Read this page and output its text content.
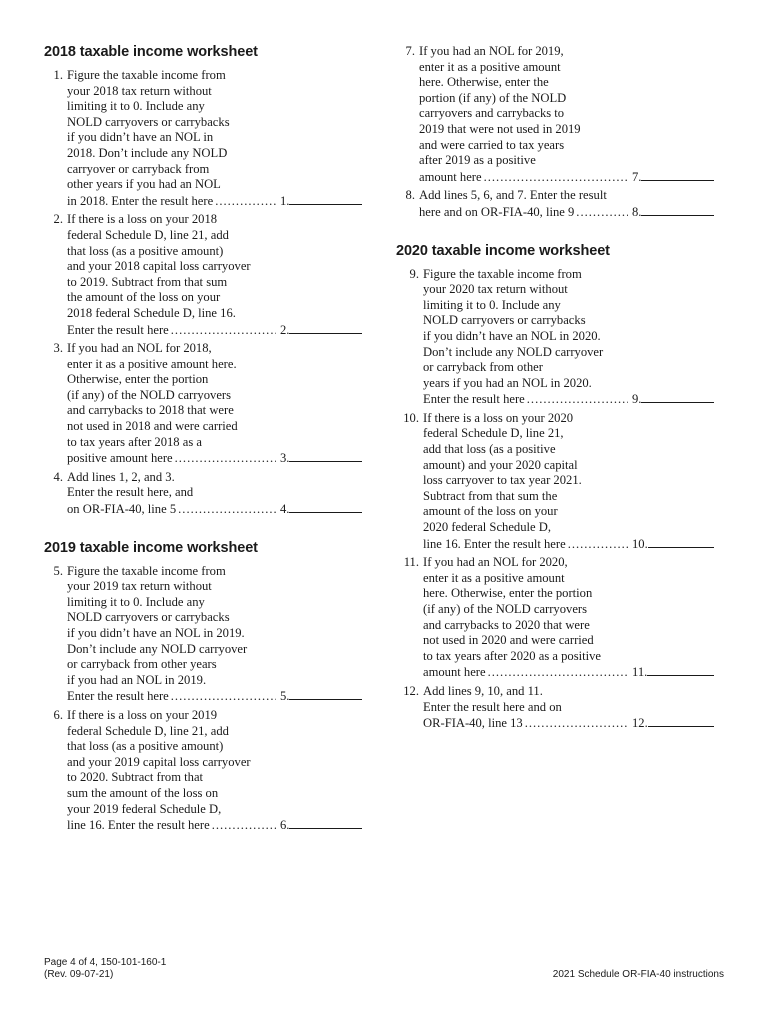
2018 taxable income worksheet
1. Figure the taxable income from
your 2018 tax return without
limiting it to 0. Include any
NOLD carryovers or carrybacks
if you didn’t have an NOL in
2018. Don’t include any NOLD
carryover or carryback from
other years if you had an NOL
in 2018. Enter the result here .....	1.
2. If there is a loss on your 2018
federal Schedule D, line 21, add
that loss (as a positive amount)
and your 2018 capital loss carryover
to 2019. Subtract from that sum
the amount of the loss on your
2018 federal Schedule D, line 16.
Enter the result here .....	2.
3. If you had an NOL for 2018,
enter it as a positive amount here.
Otherwise, enter the portion
(if any) of the NOLD carryovers
and carrybacks to 2018 that were
not used in 2018 and were carried
to tax years after 2018 as a
positive amount here .....	3.
4. Add lines 1, 2, and 3.
Enter the result here, and
on OR-FIA-40, line 5 .....	4.
2019 taxable income worksheet
5. Figure the taxable income from
your 2019 tax return without
limiting it to 0. Include any
NOLD carryovers or carrybacks
if you didn’t have an NOL in 2019.
Don’t include any NOLD carryover
or carryback from other years
if you had an NOL in 2019.
Enter the result here .....	5.
6. If there is a loss on your 2019
federal Schedule D, line 21, add
that loss (as a positive amount)
and your 2019 capital loss carryover
to 2020. Subtract from that
sum the amount of the loss on
your 2019 federal Schedule D,
line 16. Enter the result here .....	6.
7. If you had an NOL for 2019,
enter it as a positive amount
here. Otherwise, enter the
portion (if any) of the NOLD
carryovers and carrybacks to
2019 that were not used in 2019
and were carried to tax years
after 2019 as a positive
amount here .....	7.
8. Add lines 5, 6, and 7. Enter the result
here and on OR-FIA-40, line 9 .....	8.
2020 taxable income worksheet
9. Figure the taxable income from
your 2020 tax return without
limiting it to 0. Include any
NOLD carryovers or carrybacks
if you didn’t have an NOL in 2020.
Don’t include any NOLD carryover
or carryback from other
years if you had an NOL in 2020.
Enter the result here .....	9.
10. If there is a loss on your 2020
federal Schedule D, line 21,
add that loss (as a positive
amount) and your 2020 capital
loss carryover to tax year 2021.
Subtract from that sum the
amount of the loss on your
2020 federal Schedule D,
line 16. Enter the result here .....	10.
11. If you had an NOL for 2020,
enter it as a positive amount
here. Otherwise, enter the portion
(if any) of the NOLD carryovers
and carrybacks to 2020 that were
not used in 2020 and were carried
to tax years after 2020 as a positive
amount here .....	11.
12. Add lines 9, 10, and 11.
Enter the result here and on
OR-FIA-40, line 13 .....	12.
Page 4 of 4, 150-101-160-1
(Rev. 09-07-21)	2021 Schedule OR-FIA-40 instructions
